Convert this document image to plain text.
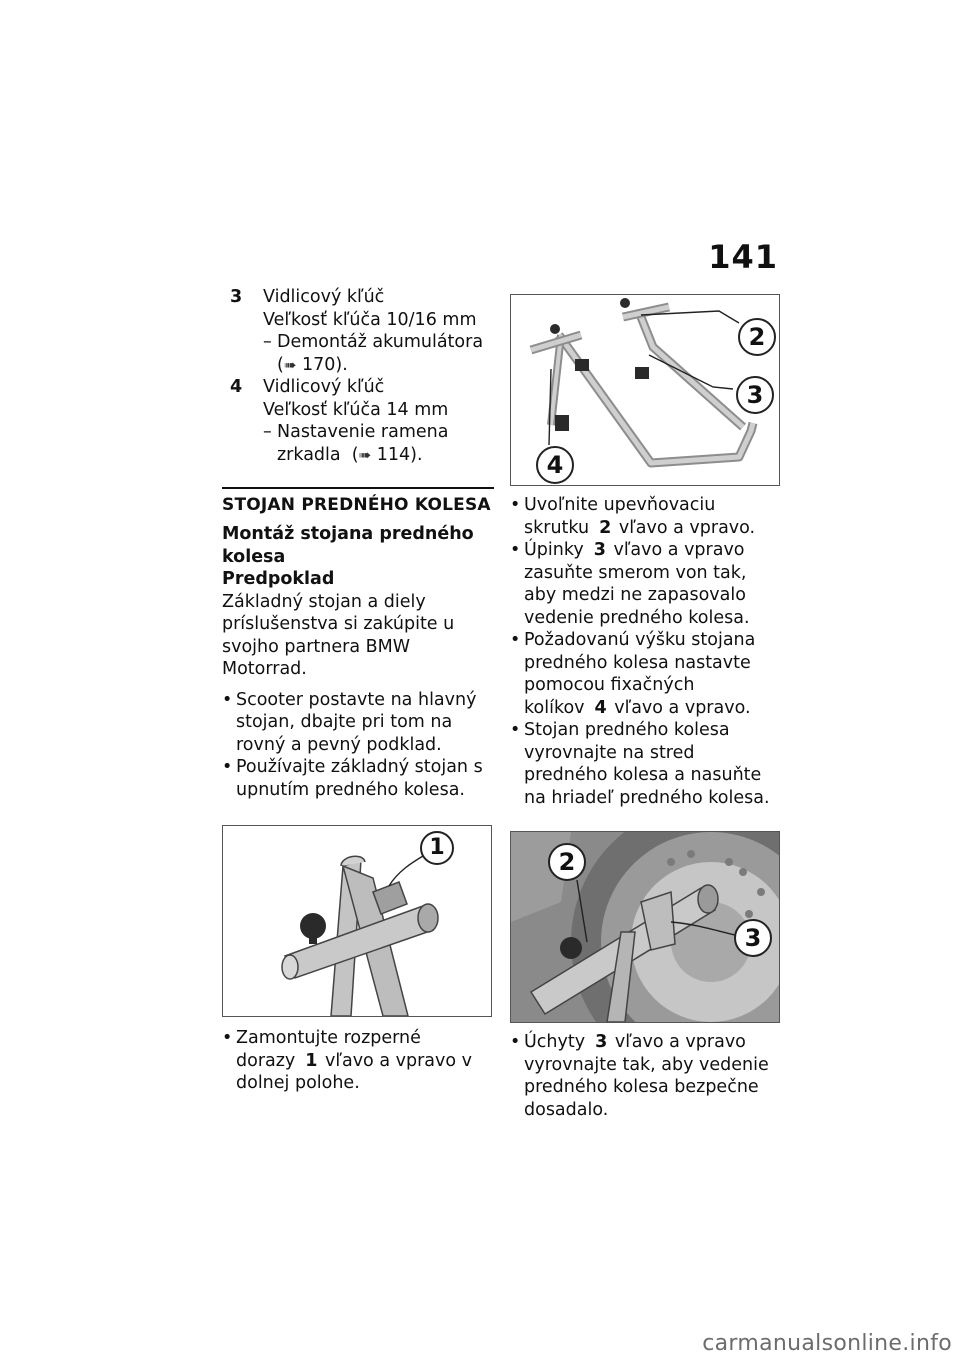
141
3 Vidlicový kľúč
Veľkosť kľúča 10/16 mm
– Demontáž akumulátora
(➠ 170).
4 Vidlicový kľúč
Veľkosť kľúča 14 mm
– Nastavenie ramena
zrkadla (➠ 114).
STOJAN PREDNÉHO KOLESA
Montáž stojana predného kolesa
Predpoklad
Základný stojan a diely príslušenstva si zakúpite u svojho partnera BMW Motorrad.
• Scooter postavte na hlavný stojan, dbajte pri tom na rovný a pevný podklad.
• Používajte základný stojan s upnutím predného kolesa.
1
• Zamontujte rozperné dorazy 1 vľavo a vpravo v dolnej polohe.
2
3
4
• Uvoľnite upevňovaciu skrutku 2 vľavo a vpravo.
• Úpinky 3 vľavo a vpravo zasuňte smerom von tak, aby medzi ne zapasovalo vedenie predného kolesa.
• Požadovanú výšku stojana predného kolesa nastavte pomocou fixačných kolíkov 4 vľavo a vpravo.
• Stojan predného kolesa vyrovnajte na stred predného kolesa a nasuňte na hriadeľ predného kolesa.
2
3
• Úchyty 3 vľavo a vpravo vyrovnajte tak, aby vedenie predného kolesa bezpečne dosadalo.
carmanualsonline.info
